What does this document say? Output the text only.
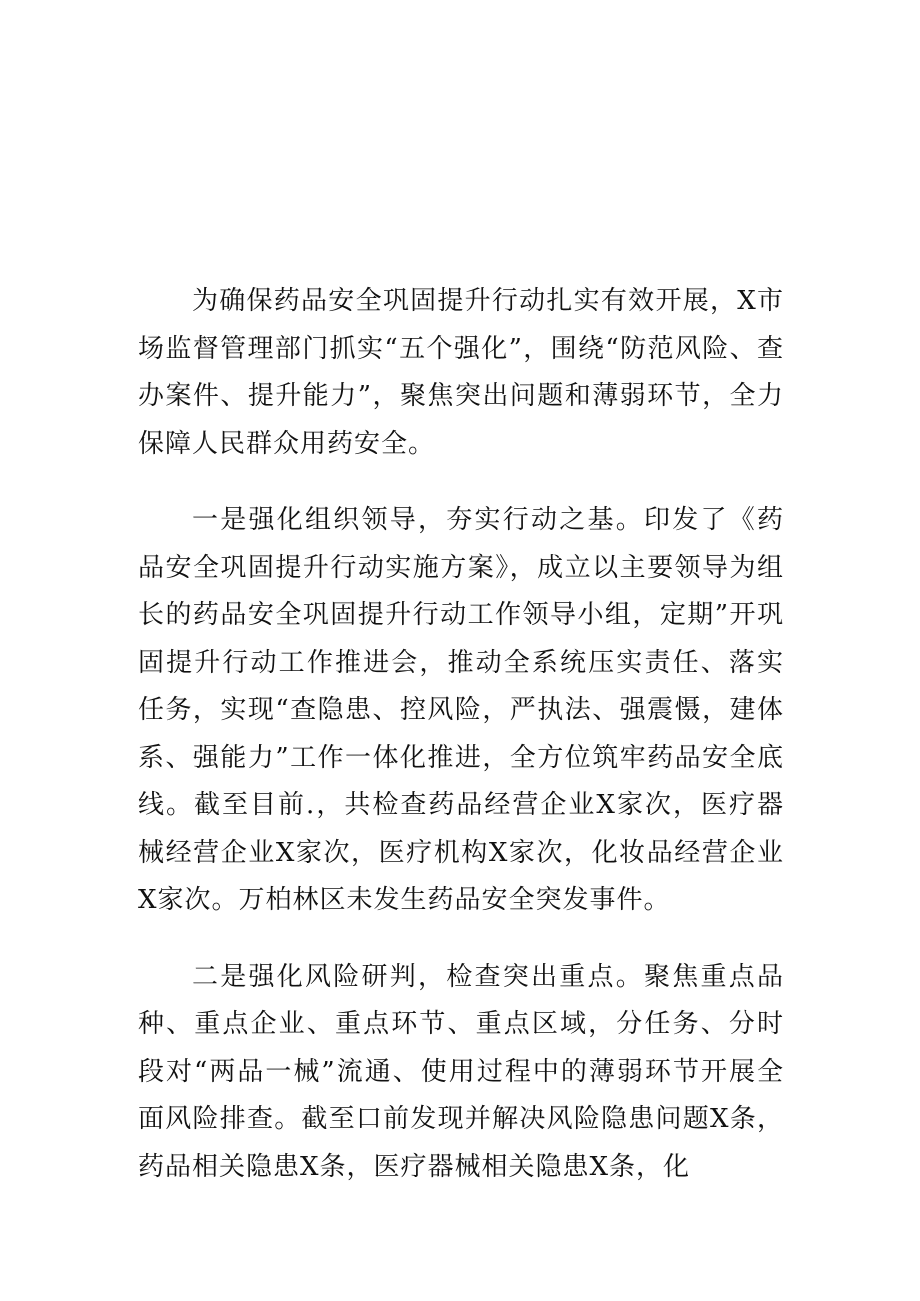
为确保药品安全巩固提升行动扎实有效开展，X市场监督管理部门抓实“五个强化”，围绕“防范风险、查办案件、提升能力”，聚焦突出问题和薄弱环节，全力保障人民群众用药安全。

一是强化组织领导，夯实行动之基。印发了《药品安全巩固提升行动实施方案》，成立以主要领导为组长的药品安全巩固提升行动工作领导小组，定期”开巩固提升行动工作推进会，推动全系统压实责任、落实任务，实现“查隐患、控风险，严执法、强震慑，建体系、强能力”工作一体化推进，全方位筑牢药品安全底线。截至目前.，共检查药品经营企业X家次，医疗器械经营企业X家次，医疗机构X家次，化妆品经营企业X家次。万柏林区未发生药品安全突发事件。

二是强化风险研判，检查突出重点。聚焦重点品种、重点企业、重点环节、重点区域，分任务、分时段对“两品一械”流通、使用过程中的薄弱环节开展全面风险排查。截至口前发现并解决风险隐患问题X条，药品相关隐患X条，医疗器械相关隐患X条，化
